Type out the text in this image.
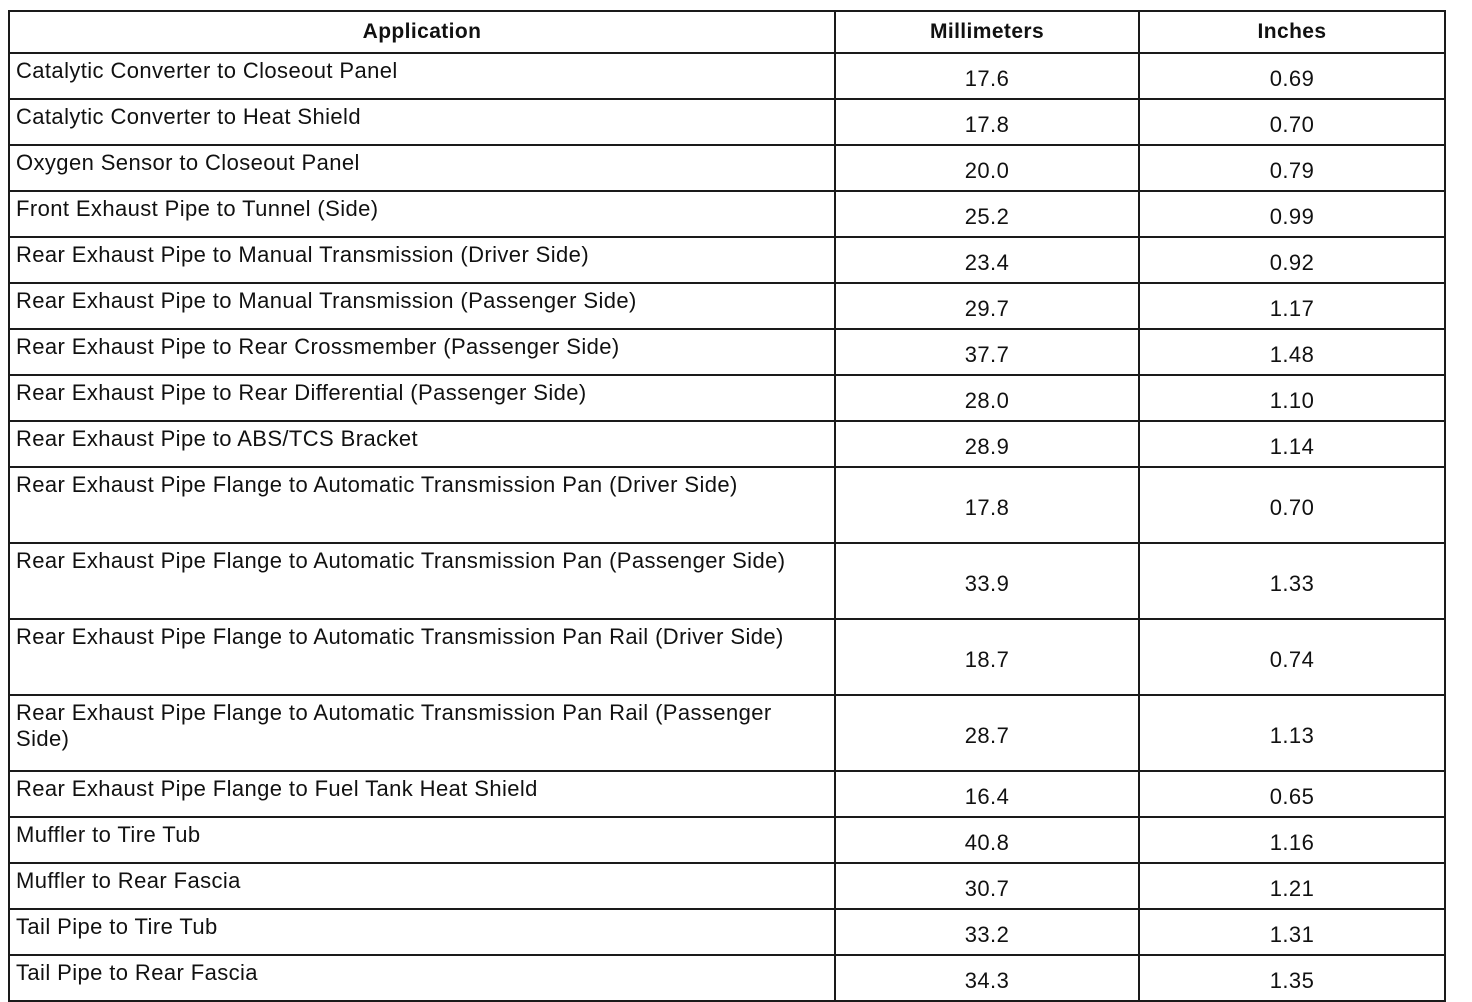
Application	Millimeters	Inches
Catalytic Converter to Closeout Panel	17.6	0.69
Catalytic Converter to Heat Shield	17.8	0.70
Oxygen Sensor to Closeout Panel	20.0	0.79
Front Exhaust Pipe to Tunnel (Side)	25.2	0.99
Rear Exhaust Pipe to Manual Transmission (Driver Side)	23.4	0.92
Rear Exhaust Pipe to Manual Transmission (Passenger Side)	29.7	1.17
Rear Exhaust Pipe to Rear Crossmember (Passenger Side)	37.7	1.48
Rear Exhaust Pipe to Rear Differential (Passenger Side)	28.0	1.10
Rear Exhaust Pipe to ABS/TCS Bracket	28.9	1.14
Rear Exhaust Pipe Flange to Automatic Transmission Pan (Driver Side)	17.8	0.70
Rear Exhaust Pipe Flange to Automatic Transmission Pan (Passenger Side)	33.9	1.33
Rear Exhaust Pipe Flange to Automatic Transmission Pan Rail (Driver Side)	18.7	0.74
Rear Exhaust Pipe Flange to Automatic Transmission Pan Rail (Passenger Side)	28.7	1.13
Rear Exhaust Pipe Flange to Fuel Tank Heat Shield	16.4	0.65
Muffler to Tire Tub	40.8	1.16
Muffler to Rear Fascia	30.7	1.21
Tail Pipe to Tire Tub	33.2	1.31
Tail Pipe to Rear Fascia	34.3	1.35
